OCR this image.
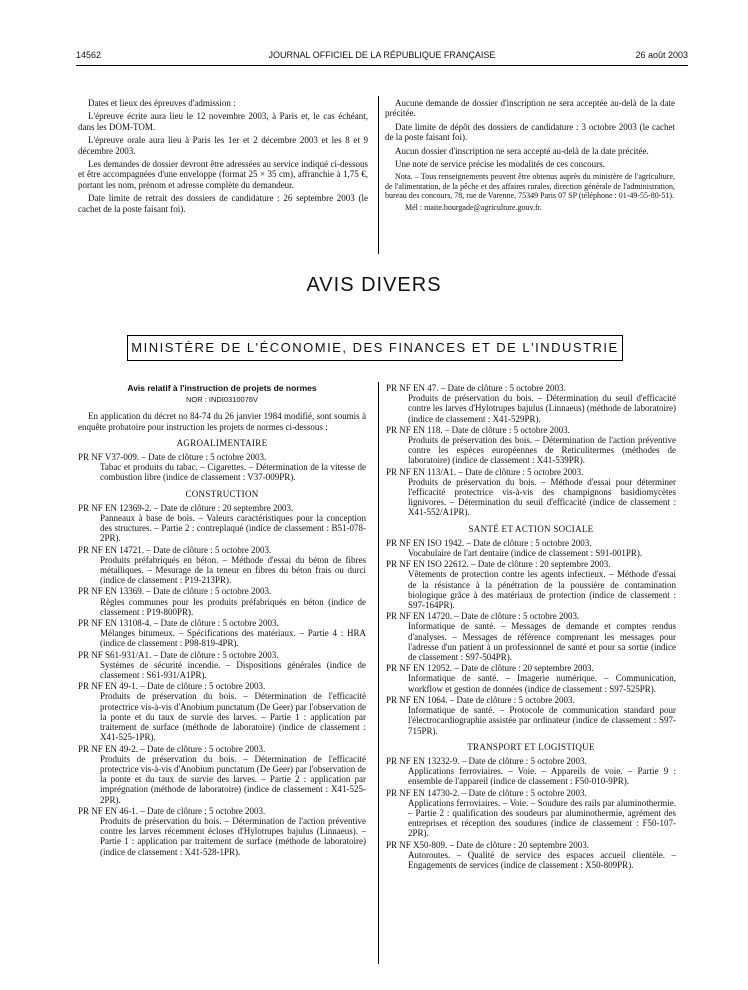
14562	JOURNAL OFFICIEL DE LA RÉPUBLIQUE FRANÇAISE	26 août 2003

Dates et lieux des épreuves d'admission :

L'épreuve écrite aura lieu le 12 novembre 2003, à Paris et, le cas échéant, dans les DOM-TOM.

L'épreuve orale aura lieu à Paris les 1er et 2 décembre 2003 et les 8 et 9 décembre 2003.

Les demandes de dossier devront être adressées au service indiqué ci-dessous et être accompagnées d'une enveloppe (format 25 × 35 cm), affranchie à 1,75 €, portant les nom, prénom et adresse complète du demandeur.

Date limite de retrait des dossiers de candidature : 26 septembre 2003 (le cachet de la poste faisant foi).

Aucune demande de dossier d'inscription ne sera acceptée au-delà de la date précitée.

Date limite de dépôt des dossiers de candidature : 3 octobre 2003 (le cachet de la poste faisant foi).

Aucun dossier d'inscription ne sera accepté au-delà de la date précitée.

Une note de service précise les modalités de ces concours.

Nota. – Tous renseignements peuvent être obtenus auprès du ministère de l'agriculture, de l'alimentation, de la pêche et des affaires rurales, direction générale de l'administration, bureau des concours, 78, rue de Varenne, 75349 Paris 07 SP (téléphone : 01-49-55-80-51).

Mél : maite.bourgade@agriculture.gouv.fr.

AVIS DIVERS
MINISTÈRE DE L'ÉCONOMIE, DES FINANCES ET DE L'INDUSTRIE
Avis relatif à l'instruction de projets de normes
NOR : INDI0310076V
En application du décret no 84-74 du 26 janvier 1984 modifié, sont soumis à enquête probatoire pour instruction les projets de normes ci-dessous :
AGROALIMENTAIRE
PR NF V37-009. – Date de clôture : 5 octobre 2003.
Tabac et produits du tabac. – Cigarettes. – Détermination de la vitesse de combustion libre (indice de classement : V37-009PR).
CONSTRUCTION
PR NF EN 12369-2. – Date de clôture : 20 septembre 2003.
Panneaux à base de bois. – Valeurs caractéristiques pour la conception des structures. – Partie 2 : contreplaqué (indice de classement : B51-078-2PR).
PR NF EN 14721. – Date de clôture : 5 octobre 2003.
Produits préfabriqués en béton. – Méthode d'essai du béton de fibres métalliques. – Mesurage de la teneur en fibres du béton frais ou durci (indice de classement : P19-213PR).
PR NF EN 13369. – Date de clôture : 5 octobre 2003.
Règles communes pour les produits préfabriqués en béton (indice de classement : P19-800PR).
PR NF EN 13108-4. – Date de clôture : 5 octobre 2003.
Mélanges bitumeux. – Spécifications des matériaux. – Partie 4 : HRA (indice de classement : P98-819-4PR).
PR NF S61-931/A1. – Date de clôture : 5 octobre 2003.
Systèmes de sécurité incendie. – Dispositions générales (indice de classement : S61-931/A1PR).
PR NF EN 49-1. – Date de clôture : 5 octobre 2003.
Produits de préservation du bois. – Détermination de l'efficacité protectrice vis-à-vis d'Anobium punctatum (De Geer) par l'observation de la ponte et du taux de survie des larves. – Partie 1 : application par traitement de surface (méthode de laboratoire) (indice de classement : X41-525-1PR).
PR NF EN 49-2. – Date de clôture : 5 octobre 2003.
Produits de préservation du bois. – Détermination de l'efficacité protectrice vis-à-vis d'Anobium punctatum (De Geer) par l'observation de la ponte et du taux de survie des larves. – Partie 2 : application par imprégnation (méthode de laboratoire) (indice de classement : X41-525-2PR).
PR NF EN 46-1. – Date de clôture : 5 octobre 2003.
Produits de préservation du bois. – Détermination de l'action préventive contre les larves récemment écloses d'Hylotrupes bajulus (Linnaeus). – Partie 1 : application par traitement de surface (méthode de laboratoire) (indice de classement : X41-528-1PR).
PR NF EN 47. – Date de clôture : 5 octobre 2003.
Produits de préservation du bois. – Détermination du seuil d'efficacité contre les larves d'Hylotrupes bajulus (Linnaeus) (méthode de laboratoire) (indice de classement : X41-529PR).
PR NF EN 118. – Date de clôture : 5 octobre 2003.
Produits de préservation des bois. – Détermination de l'action préventive contre les espèces européennes de Reticulitermes (méthodes de laboratoire) (indice de classement : X41-539PR).
PR NF EN 113/A1. – Date de clôture : 5 octobre 2003.
Produits de préservation du bois. – Méthode d'essai pour déterminer l'efficacité protectrice vis-à-vis des champignons basidiomycètes lignivores. – Détermination du seuil d'efficacité (indice de classement : X41-552/A1PR).
SANTÉ ET ACTION SOCIALE
PR NF EN ISO 1942. – Date de clôture : 5 octobre 2003.
Vocabulaire de l'art dentaire (indice de classement : S91-001PR).
PR NF EN ISO 22612. – Date de clôture : 20 septembre 2003.
Vêtements de protection contre les agents infectieux. – Méthode d'essai de la résistance à la pénétration de la poussière de contamination biologique grâce à des matériaux de protection (indice de classement : S97-164PR).
PR NF EN 14720. – Date de clôture : 5 octobre 2003.
Informatique de santé. – Messages de demande et comptes rendus d'analyses. – Messages de référence comprenant les messages pour l'adresse d'un patient à un professionnel de santé et pour sa sortie (indice de classement : S97-504PR).
PR NF EN 12052. – Date de clôture : 20 septembre 2003.
Informatique de santé. – Imagerie numérique. – Communication, workflow et gestion de données (indice de classement : S97-525PR).
PR NF EN 1064. – Date de clôture : 5 octobre 2003.
Informatique de santé. – Protocole de communication standard pour l'électrocardiographie assistée par ordinateur (indice de classement : S97-715PR).
TRANSPORT ET LOGISTIQUE
PR NF EN 13232-9. – Date de clôture : 5 octobre 2003.
Applications ferroviaires. – Voie. – Appareils de voie. – Partie 9 : ensemble de l'appareil (indice de classement : F50-010-9PR).
PR NF EN 14730-2. – Date de clôture : 5 octobre 2003.
Applications ferroviaires. – Voie. – Soudure des rails par aluminothermie. – Partie 2 : qualification des soudeurs par aluminothermie, agrément des entreprises et réception des soudures (indice de classement : F50-107-2PR).
PR NF X50-809. – Date de clôture : 20 septembre 2003.
Autoroutes. – Qualité de service des espaces accueil clientèle. – Engagements de services (indice de classement : X50-809PR).
